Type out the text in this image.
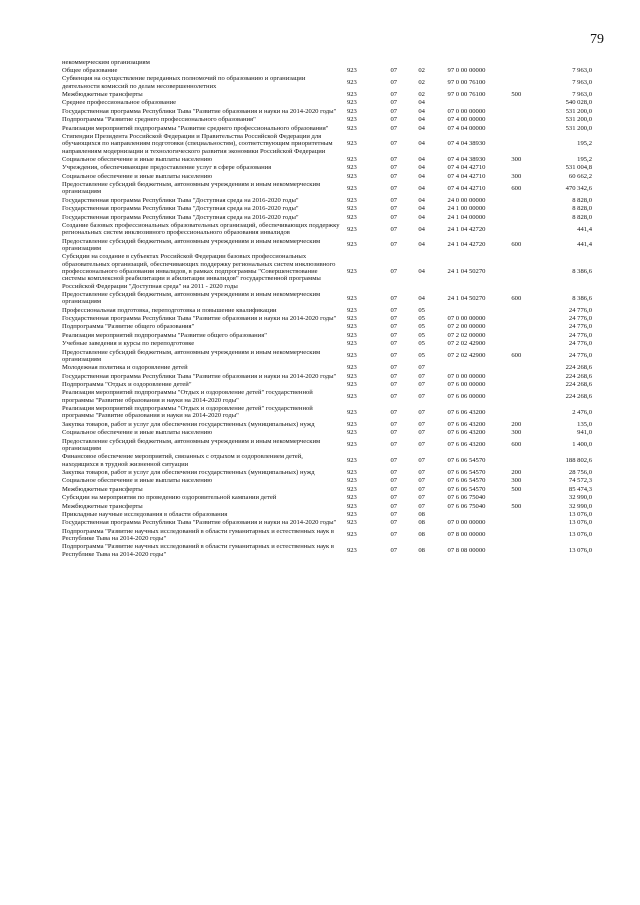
79
некоммерческим организациям
Общее образование	923	07	02	97 0 00 00000	7 963,0
Субвенция на осуществление переданных полномочий по образованию и организации деятельности комиссий по делам несовершеннолетних
923	07	02	97 0 00 76100	7 963,0
Межбюджетные трансферты	923	07	02	97 0 00 76100	500	7 963,0
Среднее профессиональное образование	923	07	04	540 028,0
Государственная программа Республики Тыва "Развитие образования и науки на 2014-2020 годы"	923	07	04	07 0 00 00000	531 200,0
Подпрограмма "Развитие среднего профессионального образования"	923	07	04	07 4 00 00000	531 200,0
Реализация мероприятий подпрограммы "Развитие среднего профессионального образования"	923	07	04	07 4 04 00000	531 200,0
Стипендии Президента Российской Федерации и Правительства Российской Федерации для обучающихся по направлениям подготовки (специальностям), соответствующим приоритетным направлениям модернизации и технологического развития экономики Российской Федерации
923	07	04	07 4 04 38930	195,2
Социальное обеспечение и иные выплаты населению	923	07	04	07 4 04 38930	300	195,2
Учреждения, обеспечивающие предоставление услуг в сфере образования	923	07	04	07 4 04 42710	531 004,8
Социальное обеспечение и иные выплаты населению	923	07	04	07 4 04 42710	300	60 662,2
Предоставление субсидий бюджетным, автономным учреждениям и иным некоммерческим организациям
923	07	04	07 4 04 42710	600	470 342,6
Государственная программа Республики Тыва "Доступная среда на 2016-2020 годы"	923	07	04	24 0 00 00000	8 828,0
Государственная программа Республики Тыва "Доступная среда на 2016-2020 годы"	923	07	04	24 1 00 00000	8 828,0
Государственная программа Республики Тыва "Доступная среда на 2016-2020 годы"	923	07	04	24 1 04 00000	8 828,0
Создание базовых профессиональных образовательных организаций, обеспечивающих поддержку региональных систем инклюзивного профессионального образования инвалидов
923	07	04	24 1 04 42720	441,4
Предоставление субсидий бюджетным, автономным учреждениям и иным некоммерческим организациям
923	07	04	24 1 04 42720	600	441,4
Субсидии на создание в субъектах Российской Федерации базовых профессиональных образовательных организаций, обеспечивающих поддержку региональных систем инклюзивного профессионального образования инвалидов, в рамках подпрограммы "Совершенствование системы комплексной реабилитации и абилитации инвалидов" государственной программы Российской Федерации "Доступная среда" на 2011 - 2020 годы
923	07	04	24 1 04 50270	8 386,6
Предоставление субсидий бюджетным, автономным учреждениям и иным некоммерческим организациям
923	07	04	24 1 04 50270	600	8 386,6
Профессиональная подготовка, переподготовка и повышение квалификации	923	07	05	24 776,0
Государственная программа Республики Тыва "Развитие образования и науки на 2014-2020 годы"	923	07	05	07 0 00 00000	24 776,0
Подпрограмма "Развитие общего образования"	923	07	05	07 2 00 00000	24 776,0
Реализация мероприятий подпрограммы "Развитие общего образования"	923	07	05	07 2 02 00000	24 776,0
Учебные заведения и курсы по переподготовке	923	07	05	07 2 02 42900	24 776,0
Предоставление субсидий бюджетным, автономным учреждениям и иным некоммерческим организациям
923	07	05	07 2 02 42900	600	24 776,0
Молодежная политика и оздоровление детей	923	07	07	224 268,6
Государственная программа Республики Тыва "Развитие образования и науки на 2014-2020 годы"	923	07	07	07 0 00 00000	224 268,6
Подпрограмма "Отдых и оздоровление детей"	923	07	07	07 6 00 00000	224 268,6
Реализация мероприятий подпрограммы "Отдых и оздоровление детей" государственной программы "Развитие образования и науки на 2014-2020 годы"
923	07	07	07 6 06 00000	224 268,6
Реализация мероприятий подпрограммы "Отдых и оздоровление детей" государственной программы "Развитие образования и науки на 2014-2020 годы"
923	07	07	07 6 06 43200	2 476,0
Закупка товаров, работ и услуг для обеспечения государственных (муниципальных) нужд	923	07	07	07 6 06 43200	200	135,0
Социальное обеспечение и иные выплаты населению	923	07	07	07 6 06 43200	300	941,0
Предоставление субсидий бюджетным, автономным учреждениям и иным некоммерческим организациям
923	07	07	07 6 06 43200	600	1 400,0
Финансовое обеспечение мероприятий, связанных с отдыхом и оздоровлением детей, находящихся в трудной жизненной ситуации
923	07	07	07 6 06 54570	188 802,6
Закупка товаров, работ и услуг для обеспечения государственных (муниципальных) нужд	923	07	07	07 6 06 54570	200	28 756,0
Социальное обеспечение и иные выплаты населению	923	07	07	07 6 06 54570	300	74 572,3
Межбюджетные трансферты	923	07	07	07 6 06 54570	500	85 474,3
Субсидии на мероприятия по проведению оздоровительной кампании детей	923	07	07	07 6 06 75040	32 990,0
Межбюджетные трансферты	923	07	07	07 6 06 75040	500	32 990,0
Прикладные научные исследования в области образования	923	07	08	13 076,0
Государственная программа Республики Тыва "Развитие образования и науки на 2014-2020 годы"	923	07	08	07 0 00 00000	13 076,0
Подпрограмма "Развитие научных исследований в области гуманитарных и естественных наук в Республике Тыва на 2014-2020 годы"
923	07	08	07 8 00 00000	13 076,0
Подпрограмма "Развитие научных исследований в области гуманитарных и естественных наук в Республике Тыва на 2014-2020 годы"
923	07	08	07 8 08 00000	13 076,0
